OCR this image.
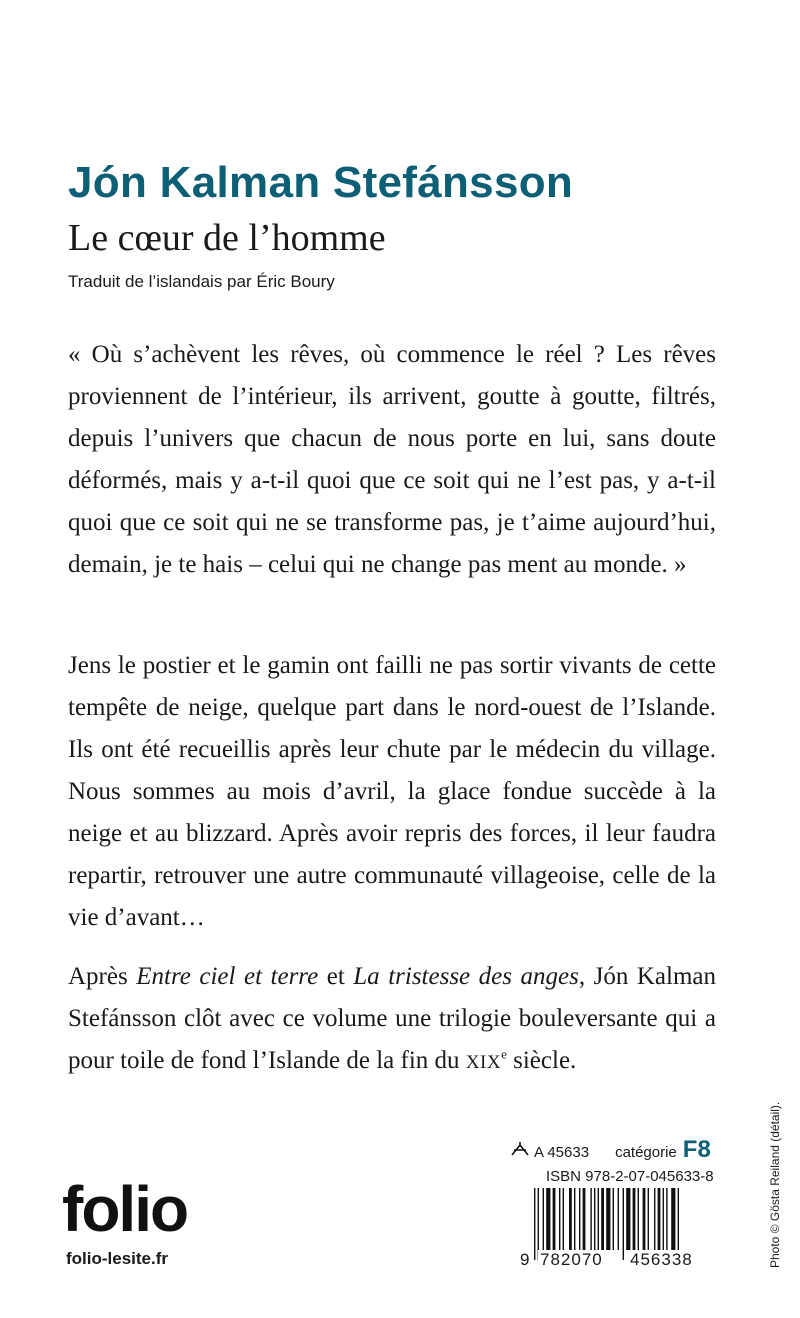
Jón Kalman Stefánsson
Le cœur de l’homme

Traduit de l’islandais par Éric Boury

« Où s’achèvent les rêves, où commence le réel ? Les rêves proviennent de l’intérieur, ils arrivent, goutte à goutte, filtrés, depuis l’univers que chacun de nous porte en lui, sans doute déformés, mais y a-t-il quoi que ce soit qui ne l’est pas, y a-t-il quoi que ce soit qui ne se transforme pas, je t’aime aujourd’hui, demain, je te hais – celui qui ne change pas ment au monde. »

Jens le postier et le gamin ont failli ne pas sortir vivants de cette tempête de neige, quelque part dans le nord-ouest de l’Islande. Ils ont été recueillis après leur chute par le médecin du village. Nous sommes au mois d’avril, la glace fondue succède à la neige et au blizzard. Après avoir repris des forces, il leur faudra repartir, retrouver une autre communauté villageoise, celle de la vie d’avant…

Après Entre ciel et terre et La tristesse des anges, Jón Kalman Stefánsson clôt avec ce volume une trilogie bouleversante qui a pour toile de fond l’Islande de la fin du XIXe siècle.

A 45633 catégorie F8
ISBN 978-2-07-045633-8
9 782070 456338
folio
folio-lesite.fr	Photo © Gösta Reiland (détail).
